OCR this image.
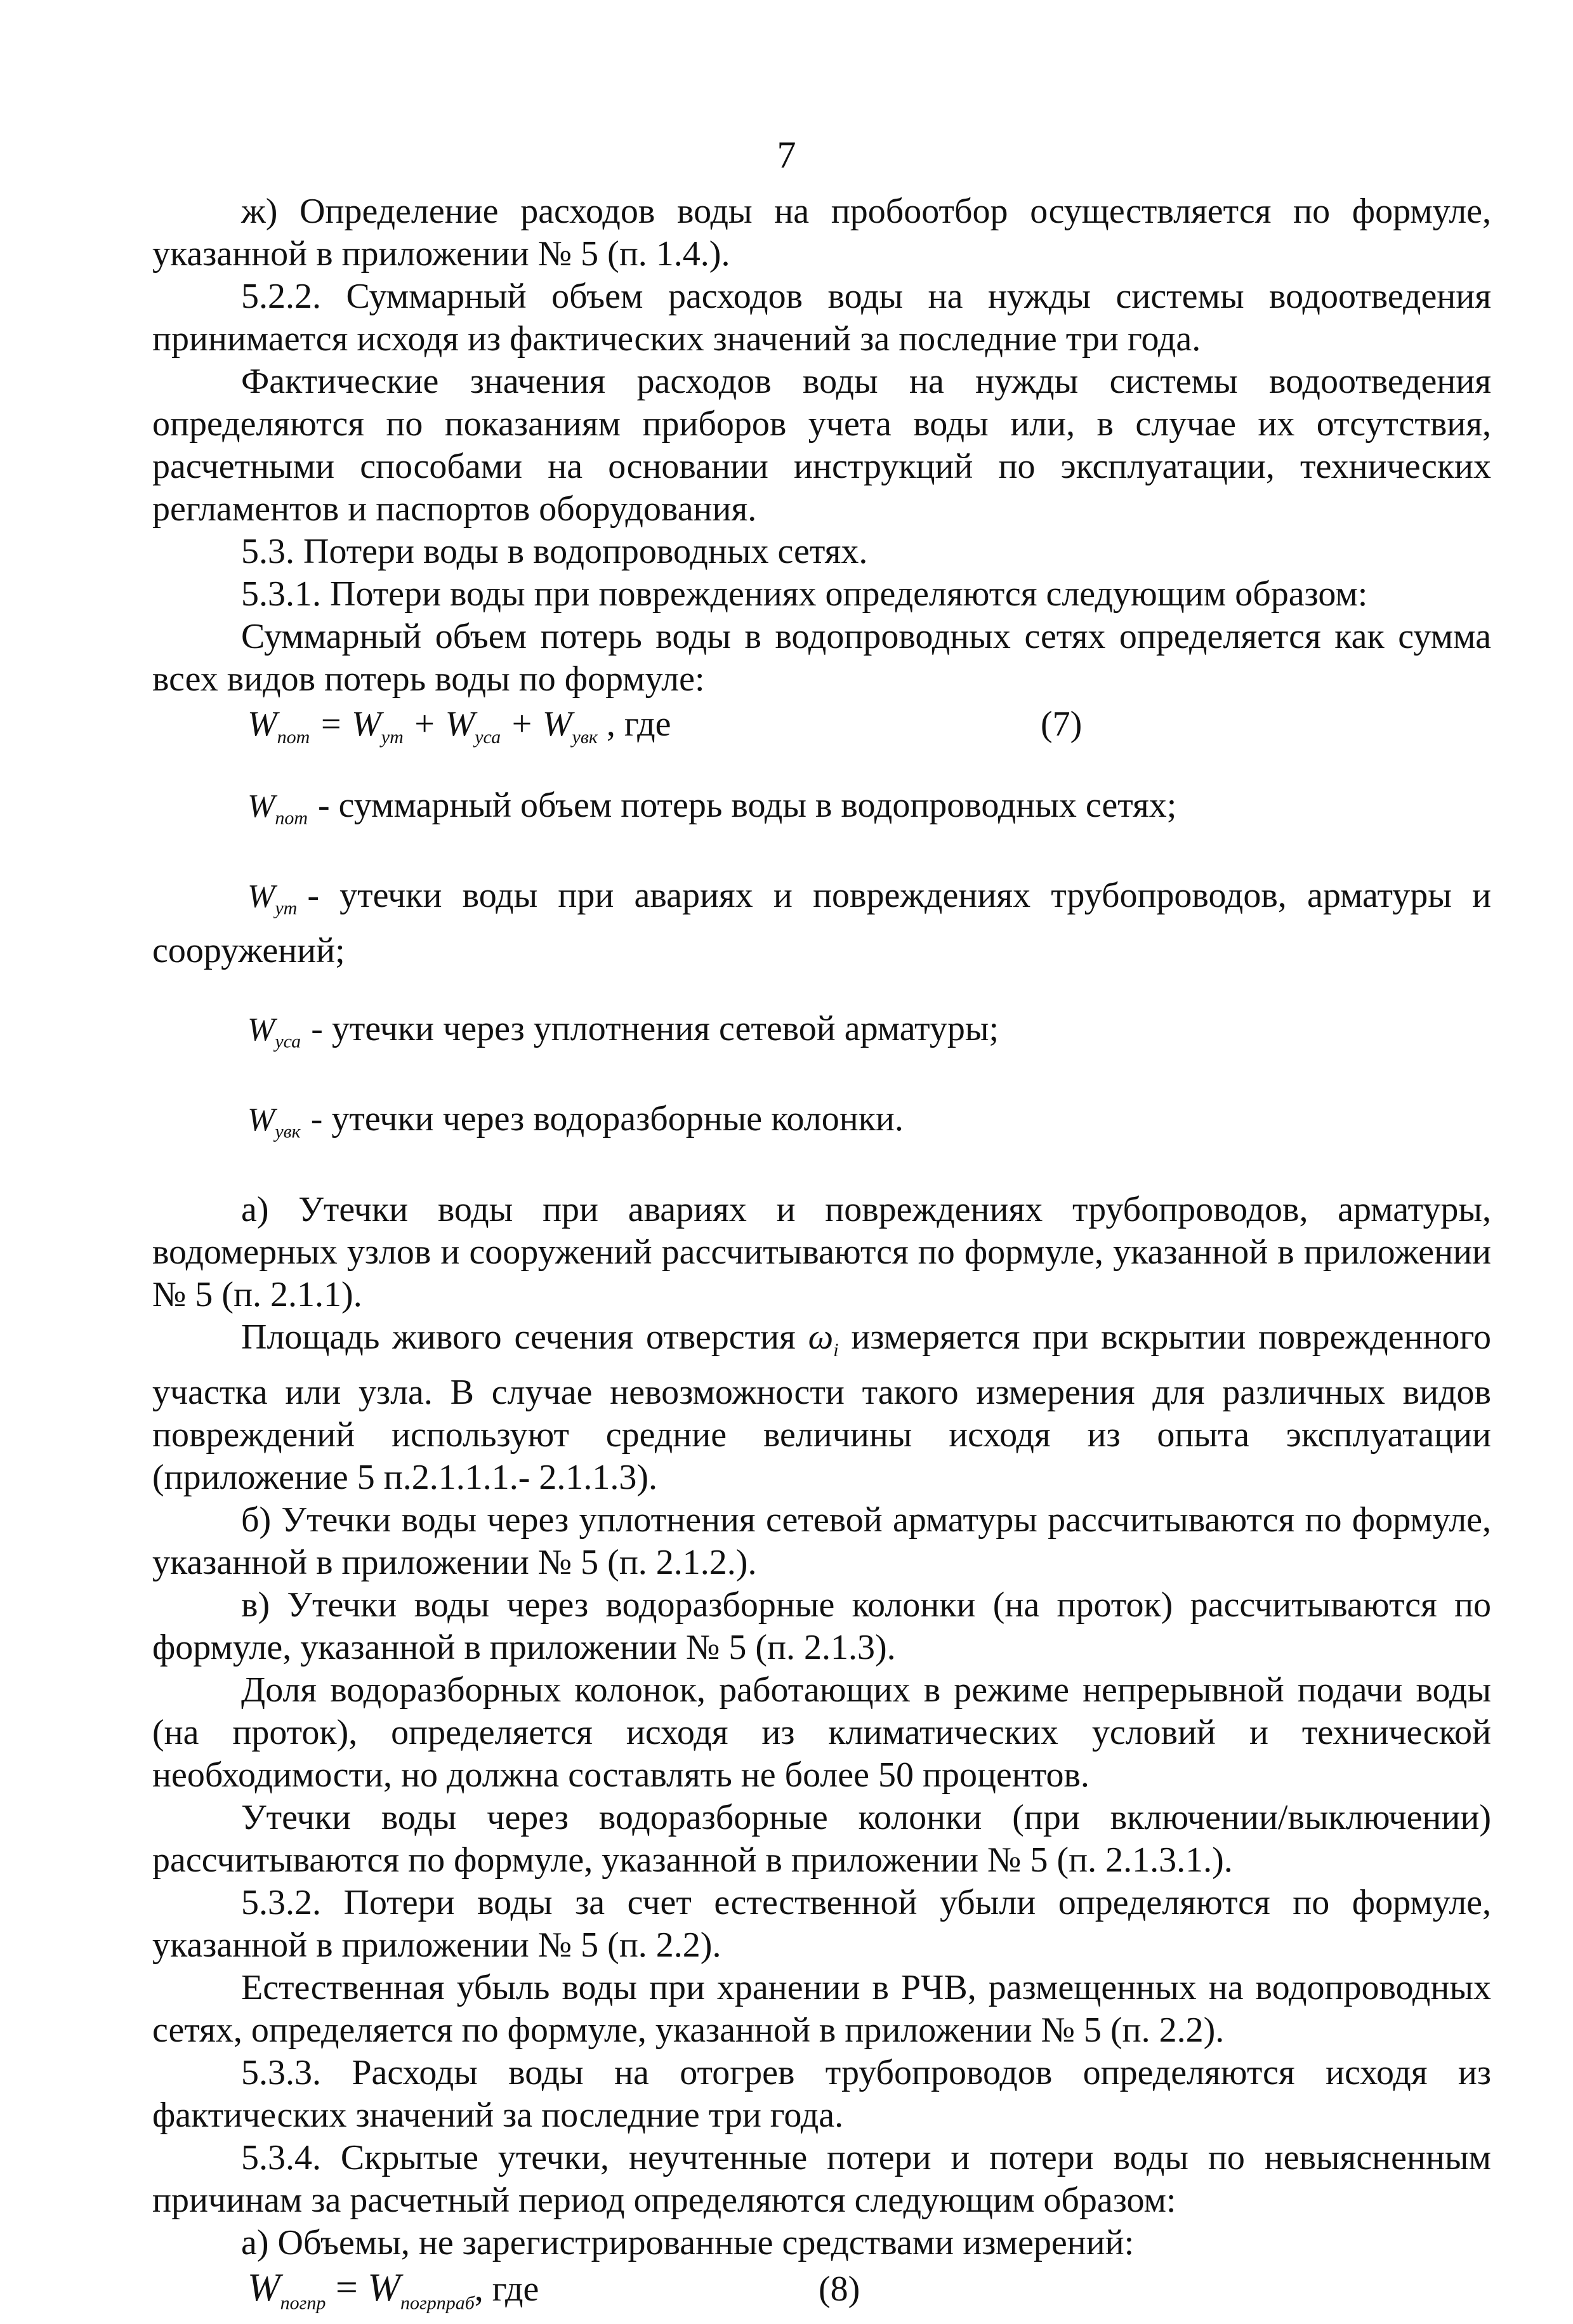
7

ж) Определение расходов воды на пробоотбор осуществляется по формуле, указанной в приложении № 5 (п. 1.4.).

5.2.2. Суммарный объем расходов воды на нужды системы водоотведения принимается исходя из фактических значений за последние три года.

Фактические значения расходов воды на нужды системы водоотведения определяются по показаниям приборов учета воды или, в случае их отсутствия, расчетными способами на основании инструкций по эксплуатации, технических регламентов и паспортов оборудования.

5.3. Потери воды в водопроводных сетях.

5.3.1. Потери воды при повреждениях определяются следующим образом:

Суммарный объем потерь воды в водопроводных сетях определяется как сумма всех видов потерь воды по формуле:

$W_{пот} = W_{ут} + W_{уса} + W_{увк}$ , где	(7)

$W_{пот}$ - суммарный объем потерь воды в водопроводных сетях;

$W_{ут}$ - утечки воды при авариях и повреждениях трубопроводов, арматуры и сооружений;

$W_{уса}$ - утечки через уплотнения сетевой арматуры;

$W_{увк}$ - утечки через водоразборные колонки.

а) Утечки воды при авариях и повреждениях трубопроводов, арматуры, водомерных узлов и сооружений рассчитываются по формуле, указанной в приложении № 5 (п. 2.1.1).

Площадь живого сечения отверстия $\omega_i$ измеряется при вскрытии поврежденного участка или узла. В случае невозможности такого измерения для различных видов повреждений используют средние величины исходя из опыта эксплуатации (приложение 5 п.2.1.1.1.- 2.1.1.3).

б) Утечки воды через уплотнения сетевой арматуры рассчитываются по формуле, указанной в приложении № 5 (п. 2.1.2.).

в) Утечки воды через водоразборные колонки (на проток) рассчитываются по формуле, указанной в приложении № 5 (п. 2.1.3).

Доля водоразборных колонок, работающих в режиме непрерывной подачи воды (на проток), определяется исходя из климатических условий и технической необходимости, но должна составлять не более 50 процентов.

Утечки воды через водоразборные колонки (при включении/выключении) рассчитываются по формуле, указанной в приложении № 5 (п. 2.1.3.1.).

5.3.2. Потери воды за счет естественной убыли определяются по формуле, указанной в приложении № 5 (п. 2.2).

Естественная убыль воды при хранении в РЧВ, размещенных на водопроводных сетях, определяется по формуле, указанной в приложении № 5 (п. 2.2).

5.3.3. Расходы воды на отогрев трубопроводов определяются исходя из фактических значений за последние три года.

5.3.4. Скрытые утечки, неучтенные потери и потери воды по невыясненным причинам за расчетный период определяются следующим образом:

а) Объемы, не зарегистрированные средствами измерений:

$W_{погпр} = W_{погрпраб}$, где	(8)
